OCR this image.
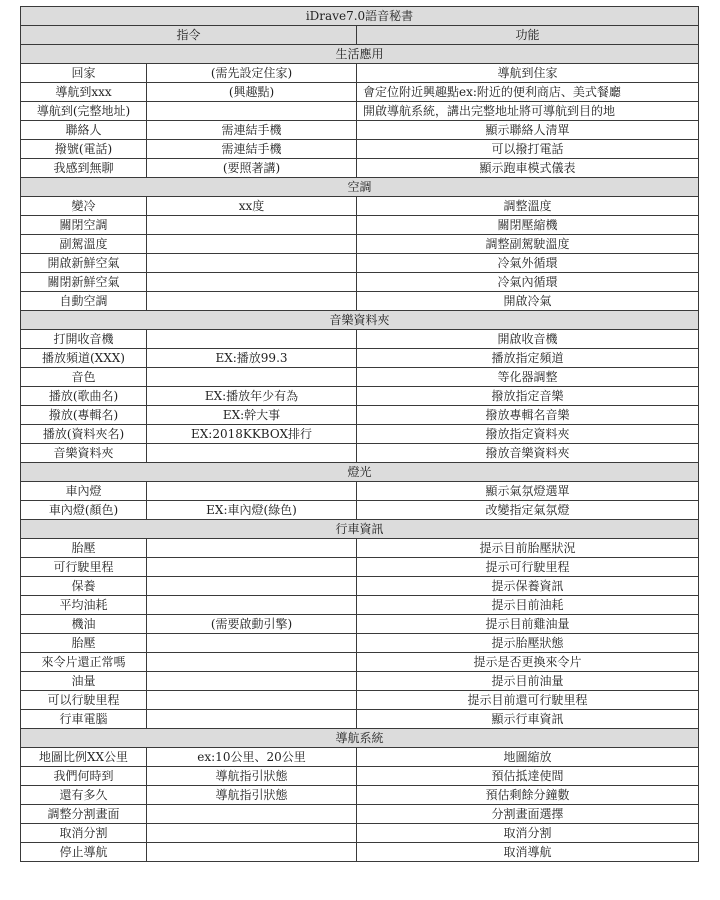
iDrave7.0語音秘書		
指令		功能
生活應用		
回家	(需先設定住家)	導航到住家
導航到xxx	(興趣點)	會定位附近興趣點ex:附近的便利商店、美式餐廳
導航到(完整地址)		開啟導航系統，講出完整地址將可導航到目的地
聯絡人	需連結手機	顯示聯絡人清單
撥號(電話)	需連結手機	可以撥打電話
我感到無聊	(要照著講)	顯示跑車模式儀表
空調		
變冷	xx度	調整溫度
關閉空調		關閉壓縮機
副駕溫度		調整副駕駛溫度
開啟新鮮空氣		冷氣外循環
關閉新鮮空氣		冷氣內循環
自動空調		開啟冷氣
音樂資料夾		
打開收音機		開啟收音機
播放頻道(XXX)	EX:播放99.3	播放指定頻道
音色		等化器調整
播放(歌曲名)	EX:播放年少有為	撥放指定音樂
撥放(專輯名)	EX:幹大事	撥放專輯名音樂
播放(資料夾名)	EX:2018KKBOX排行	撥放指定資料夾
音樂資料夾		撥放音樂資料夾
燈光		
車內燈		顯示氣氛燈選單
車內燈(顏色)	EX:車內燈(綠色)	改變指定氣氛燈
行車資訊		
胎壓		提示目前胎壓狀況
可行駛里程		提示可行駛里程
保養		提示保養資訊
平均油耗		提示目前油耗
機油	(需要啟動引擎)	提示目前雞油量
胎壓		提示胎壓狀態
來令片還正常嗎		提示是否更換來令片
油量		提示目前油量
可以行駛里程		提示目前還可行駛里程
行車電腦		顯示行車資訊
導航系統		
地圖比例XX公里	ex:10公里、20公里	地圖縮放
我們何時到	導航指引狀態	預估抵達使間
還有多久	導航指引狀態	預估剩餘分鐘數
調整分割畫面		分割畫面選擇
取消分割		取消分割
停止導航		取消導航
